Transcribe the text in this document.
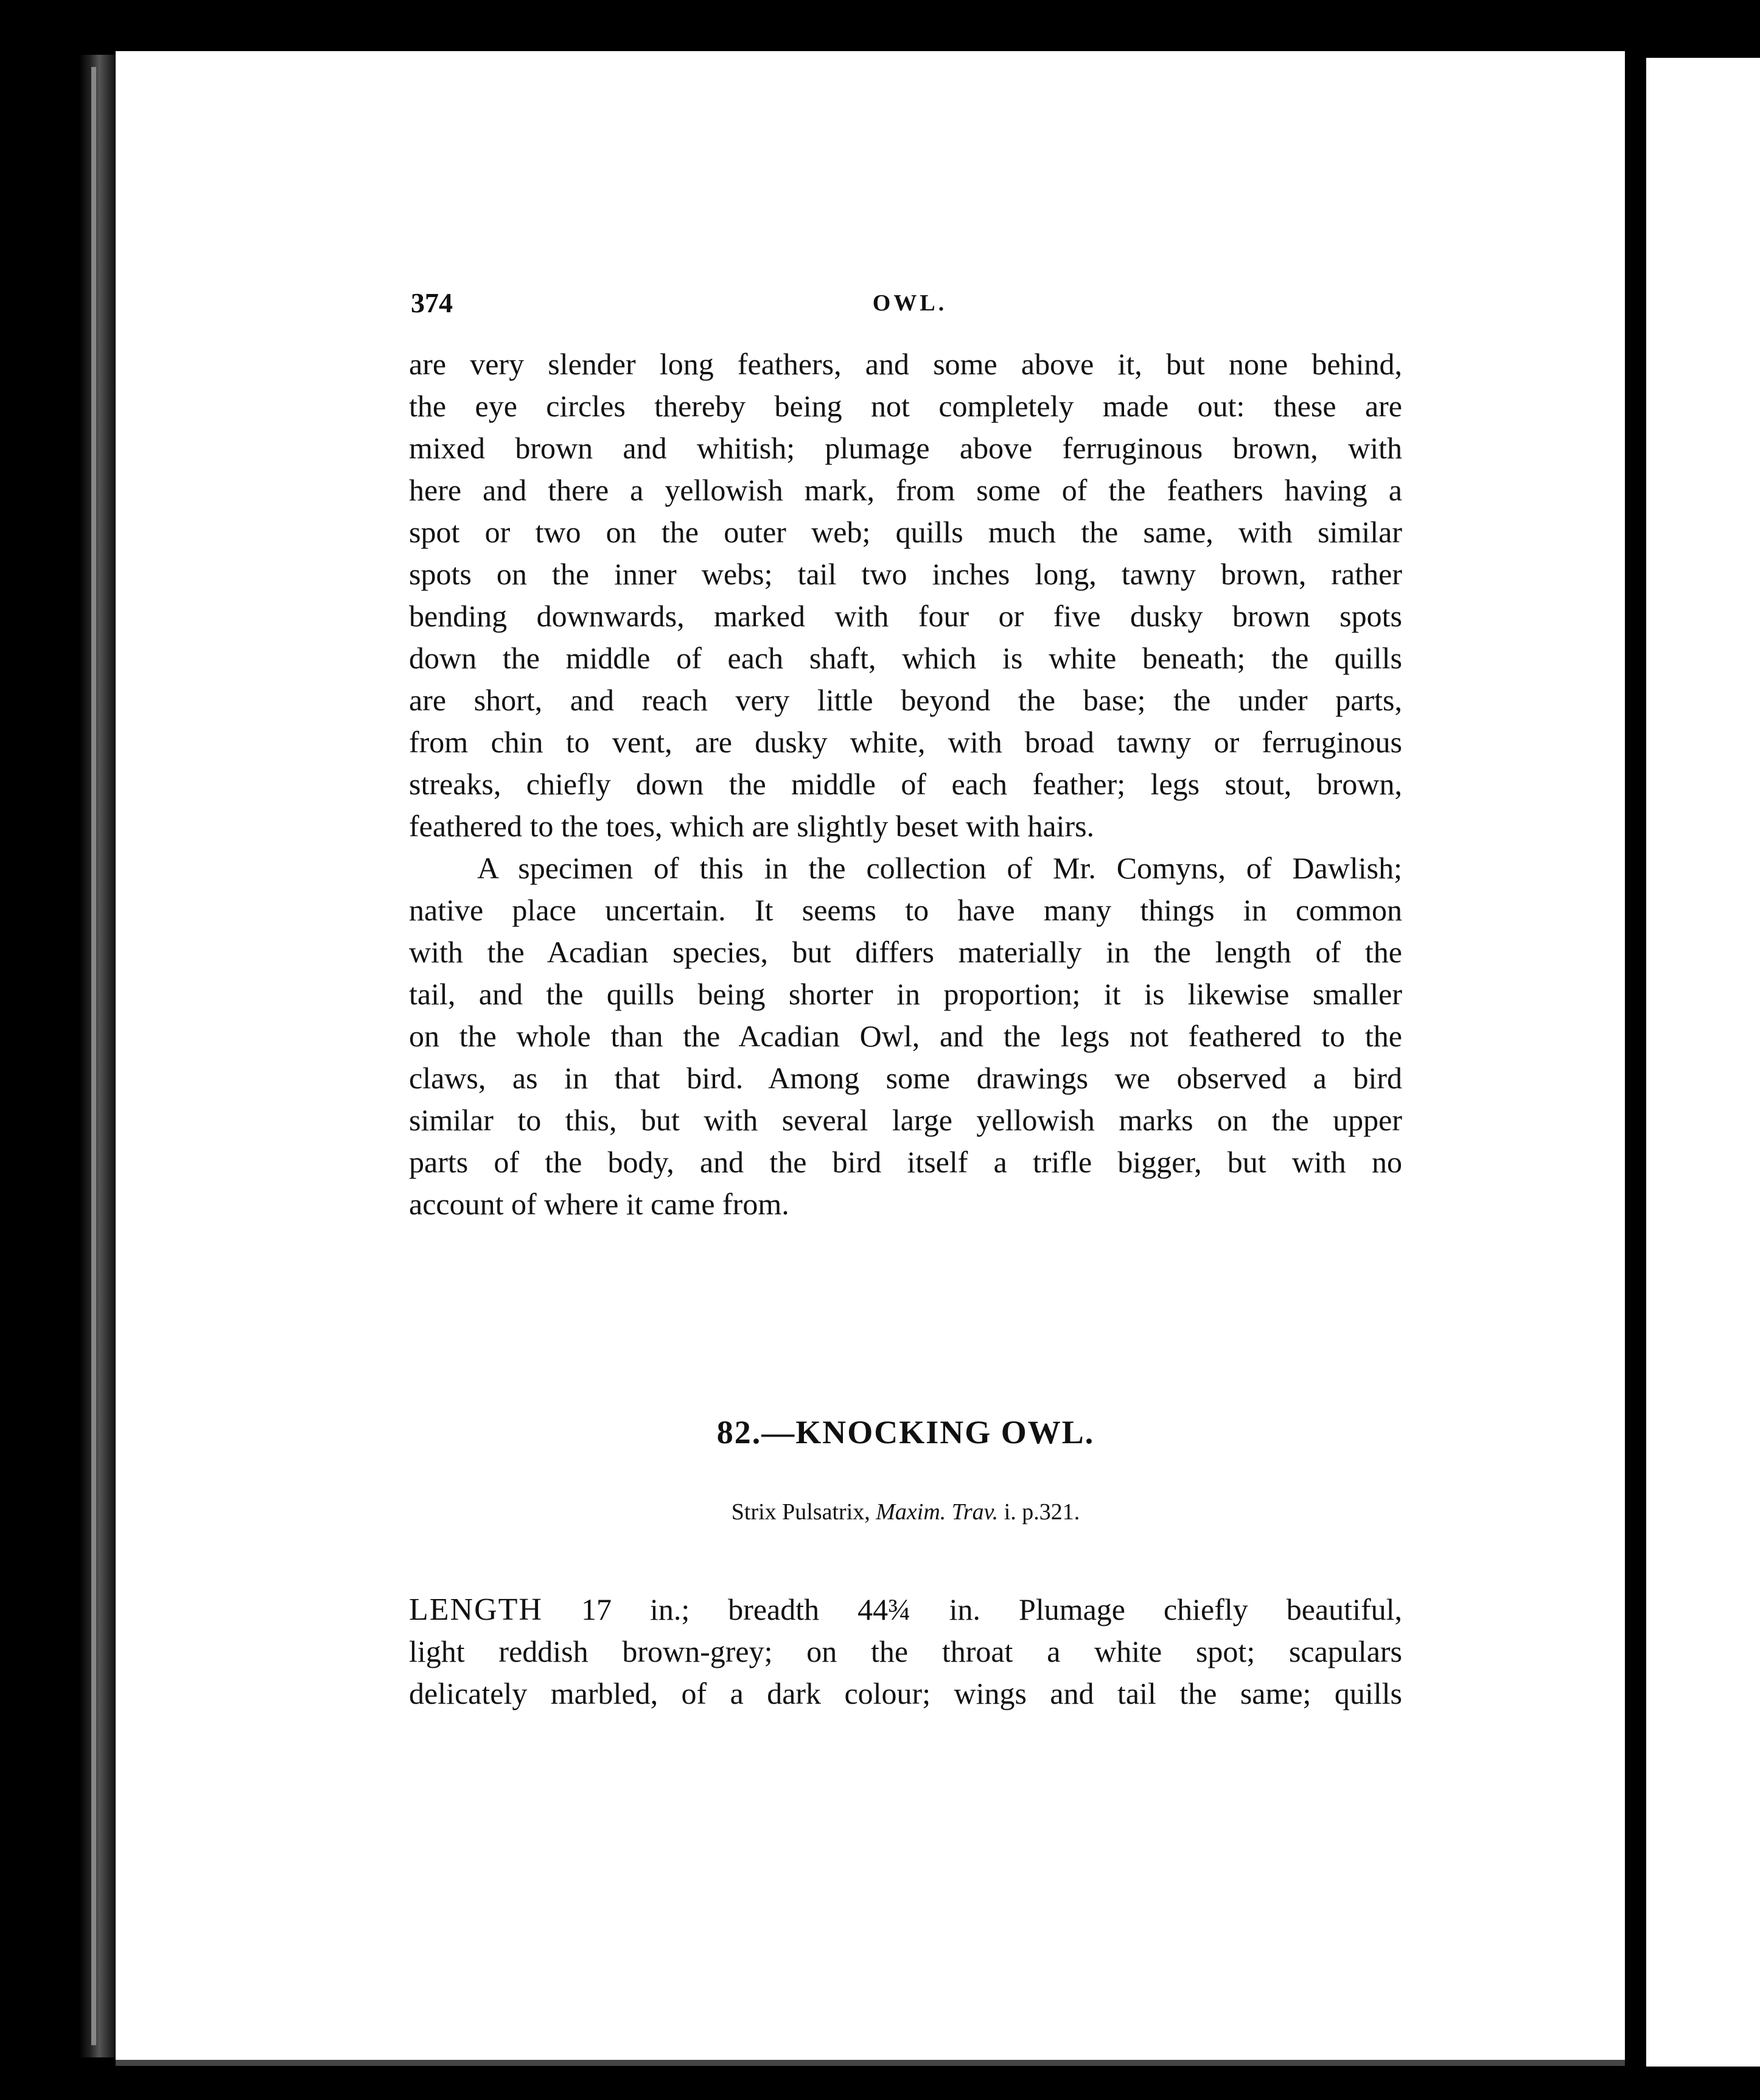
374	OWL.

are very slender long feathers, and some above it, but none behind,
the eye circles thereby being not completely made out: these are
mixed brown and whitish; plumage above ferruginous brown, with
here and there a yellowish mark, from some of the feathers having a
spot or two on the outer web; quills much the same, with similar
spots on the inner webs; tail two inches long, tawny brown, rather
bending downwards, marked with four or five dusky brown spots
down the middle of each shaft, which is white beneath; the quills
are short, and reach very little beyond the base; the under parts,
from chin to vent, are dusky white, with broad tawny or ferruginous
streaks, chiefly down the middle of each feather; legs stout, brown,
feathered to the toes, which are slightly beset with hairs.

A specimen of this in the collection of Mr. Comyns, of Dawlish;
native place uncertain. It seems to have many things in common
with the Acadian species, but differs materially in the length of the
tail, and the quills being shorter in proportion; it is likewise smaller
on the whole than the Acadian Owl, and the legs not feathered to the
claws, as in that bird. Among some drawings we observed a bird
similar to this, but with several large yellowish marks on the upper
parts of the body, and the bird itself a trifle bigger, but with no
account of where it came from.

82.—KNOCKING OWL.
Strix Pulsatrix, Maxim. Trav. i. p.321.
LENGTH 17 in.; breadth 44¾ in. Plumage chiefly beautiful,
light reddish brown-grey; on the throat a white spot; scapulars
delicately marbled, of a dark colour; wings and tail the same; quills
